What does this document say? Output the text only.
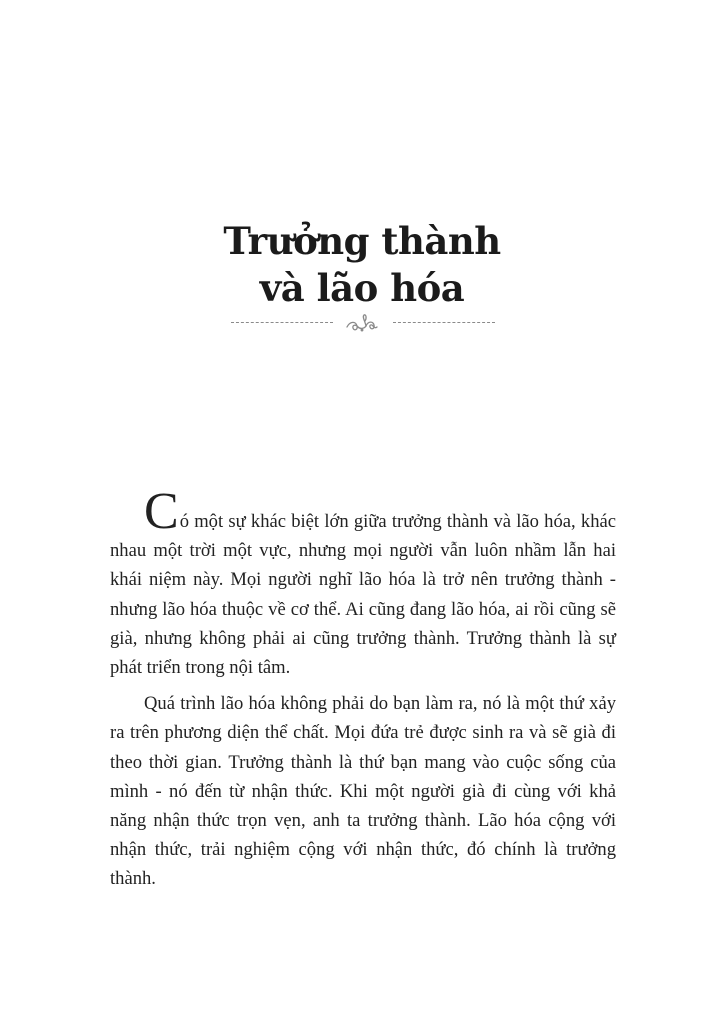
Trưởng thành
và lão hóa

Có một sự khác biệt lớn giữa trưởng thành và lão hóa, khác nhau một trời một vực, nhưng mọi người vẫn luôn nhầm lẫn hai khái niệm này. Mọi người nghĩ lão hóa là trở nên trưởng thành - nhưng lão hóa thuộc về cơ thể. Ai cũng đang lão hóa, ai rồi cũng sẽ già, nhưng không phải ai cũng trưởng thành. Trưởng thành là sự phát triển trong nội tâm.

Quá trình lão hóa không phải do bạn làm ra, nó là một thứ xảy ra trên phương diện thể chất. Mọi đứa trẻ được sinh ra và sẽ già đi theo thời gian. Trưởng thành là thứ bạn mang vào cuộc sống của mình - nó đến từ nhận thức. Khi một người già đi cùng với khả năng nhận thức trọn vẹn, anh ta trưởng thành. Lão hóa cộng với nhận thức, trải nghiệm cộng với nhận thức, đó chính là trưởng thành.
